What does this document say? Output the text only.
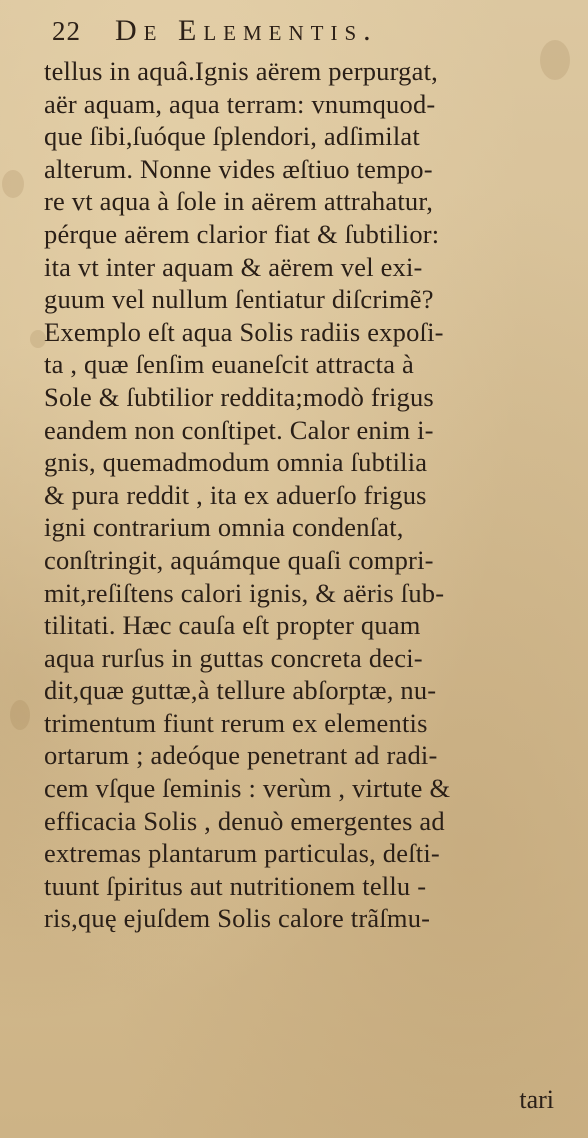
22 De Elementis.
tellus in aquâ.Ignis aërem perpurgat,
aër aquam, aqua terram: vnumquod-
que ſibi,ſuóque ſplendori, adſimilat
alterum. Nonne vides æſtiuo tempo-
re vt aqua à ſole in aërem attrahatur,
pérque aërem clarior fiat & ſubtilior:
ita vt inter aquam & aërem vel exi-
guum vel nullum ſentiatur diſcrimẽ?
Exemplo eſt aqua Solis radiis expoſi-
ta , quæ ſenſim euaneſcit attracta à
Sole & ſubtilior reddita;modò frigus
eandem non conſtipet. Calor enim i-
gnis, quemadmodum omnia ſubtilia
& pura reddit , ita ex aduerſo frigus
igni contrarium omnia condenſat,
conſtringit, aquámque quaſi compri-
mit,reſiſtens calori ignis, & aëris ſub-
tilitati. Hæc cauſa eſt propter quam
aqua rurſus in guttas concreta deci-
dit,quæ guttæ,à tellure abſorptæ, nu-
trimentum fiunt rerum ex elementis
ortarum ; adeóque penetrant ad radi-
cem vſque ſeminis : verùm , virtute &
efficacia Solis , denuò emergentes ad
extremas plantarum particulas, deſti-
tuunt ſpiritus aut nutritionem tellu -
ris,quę ejuſdem Solis calore trãſmu-
tari
